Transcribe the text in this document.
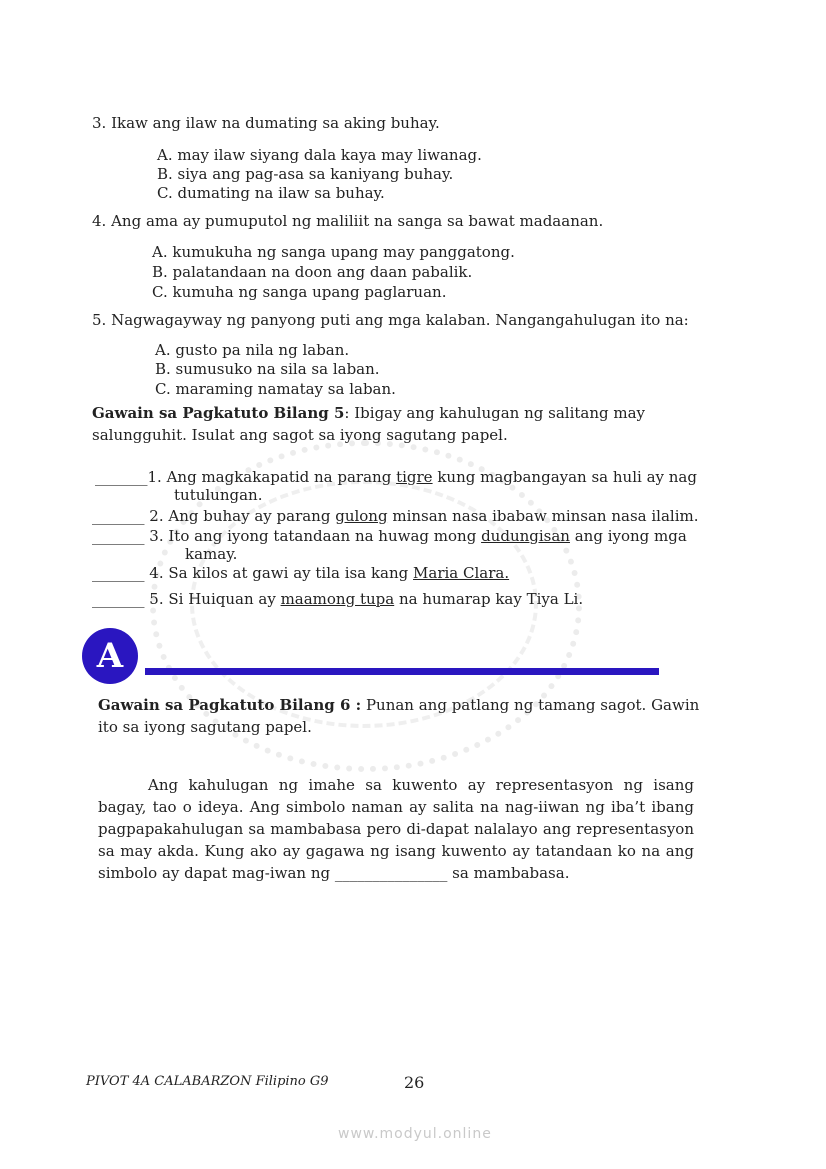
3. Ikaw ang ilaw na dumating sa aking buhay.
A. may ilaw siyang dala kaya may liwanag.
B. siya ang pag-asa sa kaniyang buhay.
C. dumating na ilaw sa buhay.
4. Ang ama ay pumuputol ng maliliit na sanga sa bawat madaanan.
A. kumukuha ng sanga upang may panggatong.
B. palatandaan na doon ang daan pabalik.
C. kumuha ng sanga upang paglaruan.
5. Nagwagayway ng panyong puti ang mga kalaban. Nangangahulugan ito na:
A. gusto pa nila ng laban.
B. sumusuko na sila sa laban.
C. maraming namatay sa laban.
Gawain sa Pagkatuto Bilang 5: Ibigay ang kahulugan ng salitang may
salungguhit. Isulat ang sagot sa iyong sagutang papel.
_______1. Ang magkakapatid na parang tigre kung magbangayan sa huli ay nag
tutulungan.
_______ 2. Ang buhay ay parang gulong minsan nasa ibabaw minsan nasa ilalim.
_______ 3. Ito ang iyong tatandaan na huwag mong dudungisan ang iyong mga
kamay.
_______ 4. Sa kilos at gawi ay tila isa kang Maria Clara.
_______ 5. Si Huiquan ay maamong tupa na humarap kay Tiya Li.
A
Gawain sa Pagkatuto Bilang 6 : Punan ang patlang ng tamang sagot. Gawin
ito sa iyong sagutang papel.
Ang kahulugan ng imahe sa kuwento ay representasyon ng isang bagay, tao o ideya. Ang simbolo naman ay salita na nag-iiwan ng iba’t ibang pagpapakahulugan sa mambabasa pero di-dapat nalalayo ang representasyon sa may akda. Kung ako ay gagawa ng isang kuwento ay tatandaan ko na ang simbolo ay dapat mag-iwan ng _______________ sa mambabasa.
PIVOT 4A CALABARZON Filipino G9	26
www.modyul.online
